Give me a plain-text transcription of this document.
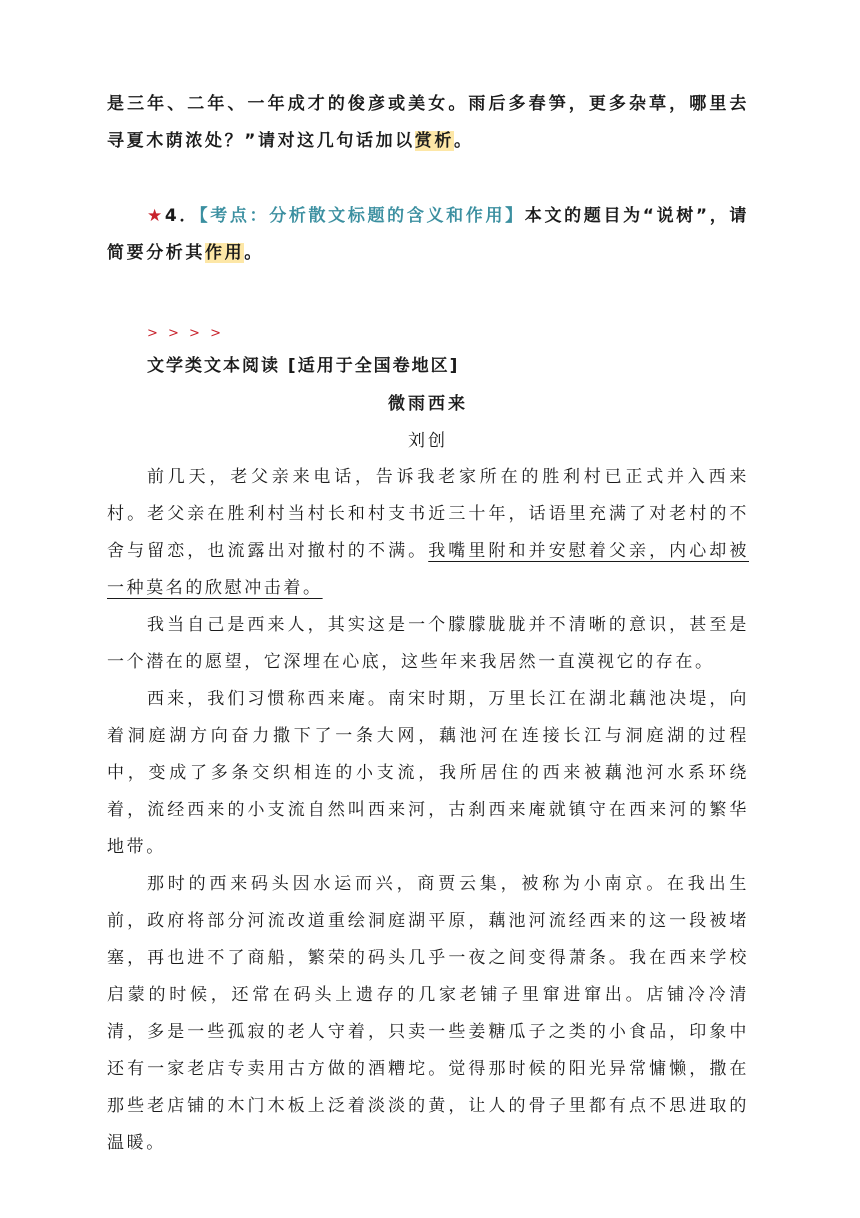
是三年、二年、一年成才的俊彦或美女。雨后多春笋，更多杂草，哪里去寻夏木荫浓处？”请对这几句话加以赏析。

★4．【考点：分析散文标题的含义和作用】本文的题目为“说树”，请简要分析其作用。

> > > >
文学类文本阅读 [适用于全国卷地区]
微雨西来
刘创

前几天，老父亲来电话，告诉我老家所在的胜利村已正式并入西来村。老父亲在胜利村当村长和村支书近三十年，话语里充满了对老村的不舍与留恋，也流露出对撤村的不满。我嘴里附和并安慰着父亲，内心却被一种莫名的欣慰冲击着。

我当自己是西来人，其实这是一个朦朦胧胧并不清晰的意识，甚至是一个潜在的愿望，它深埋在心底，这些年来我居然一直漠视它的存在。

西来，我们习惯称西来庵。南宋时期，万里长江在湖北藕池决堤，向着洞庭湖方向奋力撒下了一条大网，藕池河在连接长江与洞庭湖的过程中，变成了多条交织相连的小支流，我所居住的西来被藕池河水系环绕着，流经西来的小支流自然叫西来河，古刹西来庵就镇守在西来河的繁华地带。

那时的西来码头因水运而兴，商贾云集，被称为小南京。在我出生前，政府将部分河流改道重绘洞庭湖平原，藕池河流经西来的这一段被堵塞，再也进不了商船，繁荣的码头几乎一夜之间变得萧条。我在西来学校启蒙的时候，还常在码头上遗存的几家老铺子里窜进窜出。店铺冷冷清清，多是一些孤寂的老人守着，只卖一些姜糖瓜子之类的小食品，印象中还有一家老店专卖用古方做的酒糟坨。觉得那时候的阳光异常慵懒，撒在那些老店铺的木门木板上泛着淡淡的黄，让人的骨子里都有点不思进取的温暖。
